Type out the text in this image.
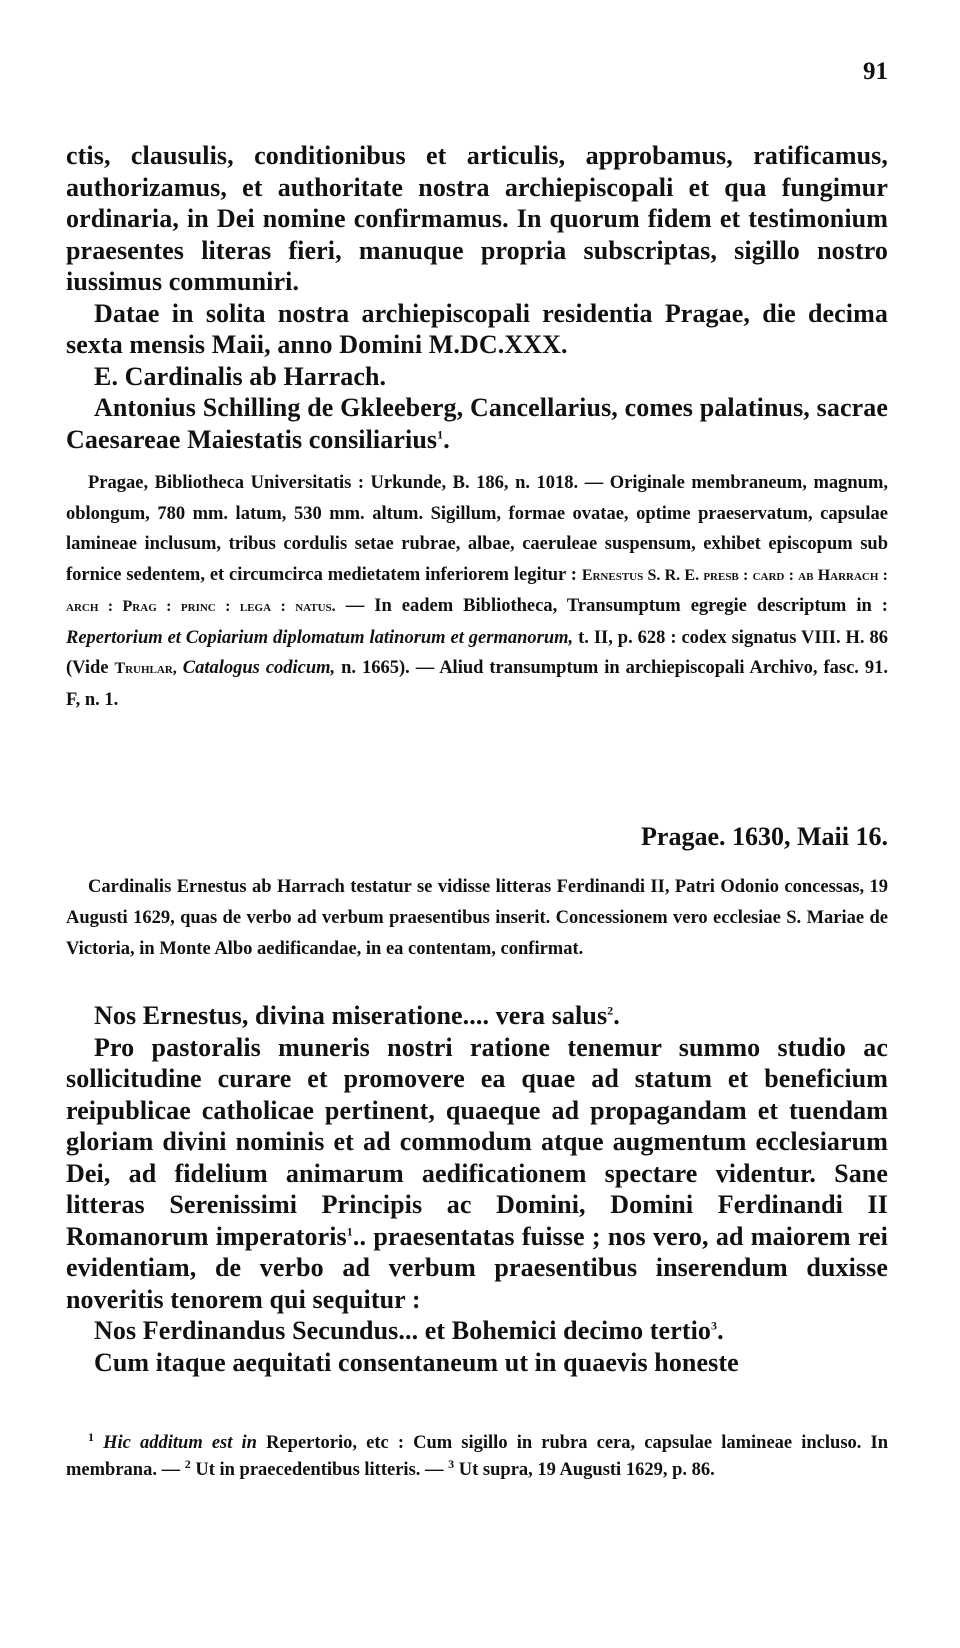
91

ctis, clausulis, conditionibus et articulis, approbamus, ratificamus, authorizamus, et authoritate nostra archiepiscopali et qua fungimur ordinaria, in Dei nomine confirmamus. In quorum fidem et testimonium praesentes literas fieri, manuque propria subscriptas, sigillo nostro iussimus communiri.

Datae in solita nostra archiepiscopali residentia Pragae, die decima sexta mensis Maii, anno Domini M.DC.XXX.

E. Cardinalis ab Harrach.

Antonius Schilling de Gkleeberg, Cancellarius, comes palatinus, sacrae Caesareae Maiestatis consiliarius$^1$.

Pragae, Bibliotheca Universitatis : Urkunde, B. 186, n. 1018. — Originale membraneum, magnum, oblongum, 780 mm. latum, 530 mm. altum. Sigillum, formae ovatae, optime praeservatum, capsulae lamineae inclusum, tribus cordulis setae rubrae, albae, caeruleae suspensum, exhibet episcopum sub fornice sedentem, et circumcirca medietatem inferiorem legitur : Ernestus S. R. E. presb : card : ab Harrach : arch : Prag : princ : lega : natus. — In eadem Bibliotheca, Transumptum egregie descriptum in : Repertorium et Copiarium diplomatum latinorum et germanorum, t. II, p. 628 : codex signatus VIII. H. 86 (Vide Truhlar, Catalogus codicum, n. 1665). — Aliud transumptum in archiepiscopali Archivo, fasc. 91. F, n. 1.

Pragae. 1630, Maii 16.

Cardinalis Ernestus ab Harrach testatur se vidisse litteras Ferdinandi II, Patri Odonio concessas, 19 Augusti 1629, quas de verbo ad verbum praesentibus inserit. Concessionem vero ecclesiae S. Mariae de Victoria, in Monte Albo aedificandae, in ea contentam, confirmat.

Nos Ernestus, divina miseratione.... vera salus$^2$.

Pro pastoralis muneris nostri ratione tenemur summo studio ac sollicitudine curare et promovere ea quae ad statum et beneficium reipublicae catholicae pertinent, quaeque ad propagandam et tuendam gloriam divini nominis et ad commodum atque augmentum ecclesiarum Dei, ad fidelium animarum aedificationem spectare videntur. Sane litteras Serenissimi Principis ac Domini, Domini Ferdinandi II Romanorum imperatoris$^1$.. praesentatas fuisse ; nos vero, ad maiorem rei evidentiam, de verbo ad verbum praesentibus inserendum duxisse noveritis tenorem qui sequitur :

Nos Ferdinandus Secundus... et Bohemici decimo tertio$^3$.

Cum itaque aequitati consentaneum ut in quaevis honeste

$^1$ Hic additum est in Repertorio, etc : Cum sigillo in rubra cera, capsulae lamineae incluso. In membrana. — $^2$ Ut in praecedentibus litteris. — $^3$ Ut supra, 19 Augusti 1629, p. 86.
